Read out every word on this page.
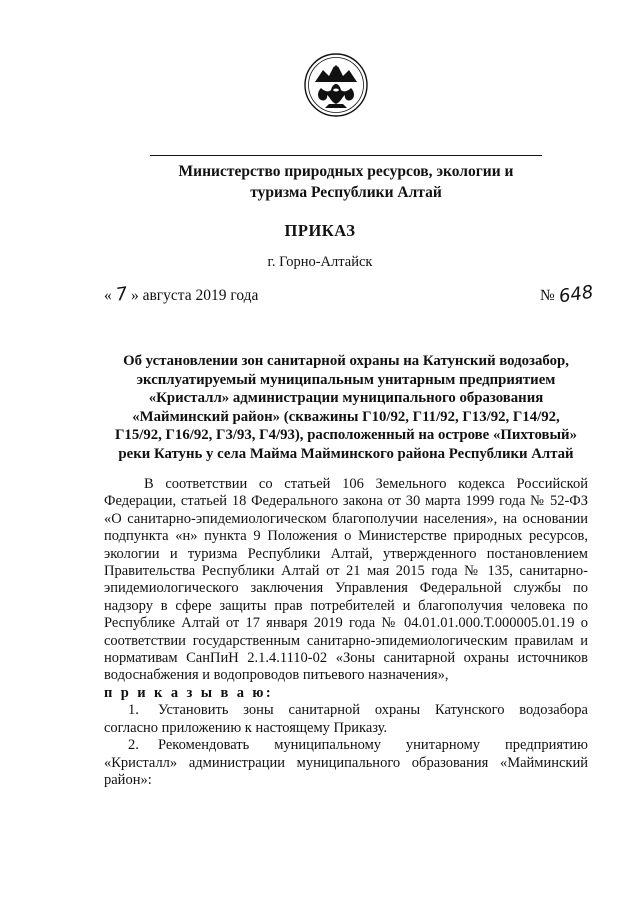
Министерство природных ресурсов, экологии и
туризма Республики Алтай
ПРИКАЗ
г. Горно-Алтайск
« 7 » августа 2019 года	№ 648
Об установлении зон санитарной охраны на Катунский водозабор,
эксплуатируемый муниципальным унитарным предприятием
«Кристалл» администрации муниципального образования
«Майминский район» (скважины Г10/92, Г11/92, Г13/92, Г14/92,
Г15/92, Г16/92, Г3/93, Г4/93), расположенный на острове «Пихтовый»
реки Катунь у села Майма Майминского района Республики Алтай

В соответствии со статьей 106 Земельного кодекса Российской Федерации, статьей 18 Федерального закона от 30 марта 1999 года № 52-ФЗ «О санитарно-эпидемиологическом благополучии населения», на основании подпункта «н» пункта 9 Положения о Министерстве природных ресурсов, экологии и туризма Республики Алтай, утвержденного постановлением Правительства Республики Алтай от 21 мая 2015 года № 135, санитарно-эпидемиологического заключения Управления Федеральной службы по надзору в сфере защиты прав потребителей и благополучия человека по Республике Алтай от 17 января 2019 года № 04.01.01.000.Т.000005.01.19 о соответствии государственным санитарно-эпидемиологическим правилам и нормативам СанПиН 2.1.4.1110-02 «Зоны санитарной охраны источников водоснабжения и водопроводов питьевого назначения»,

п р и к а з ы в а ю:

1. Установить зоны санитарной охраны Катунского водозабора согласно приложению к настоящему Приказу.

2. Рекомендовать муниципальному унитарному предприятию «Кристалл» администрации муниципального образования «Майминский район»:
